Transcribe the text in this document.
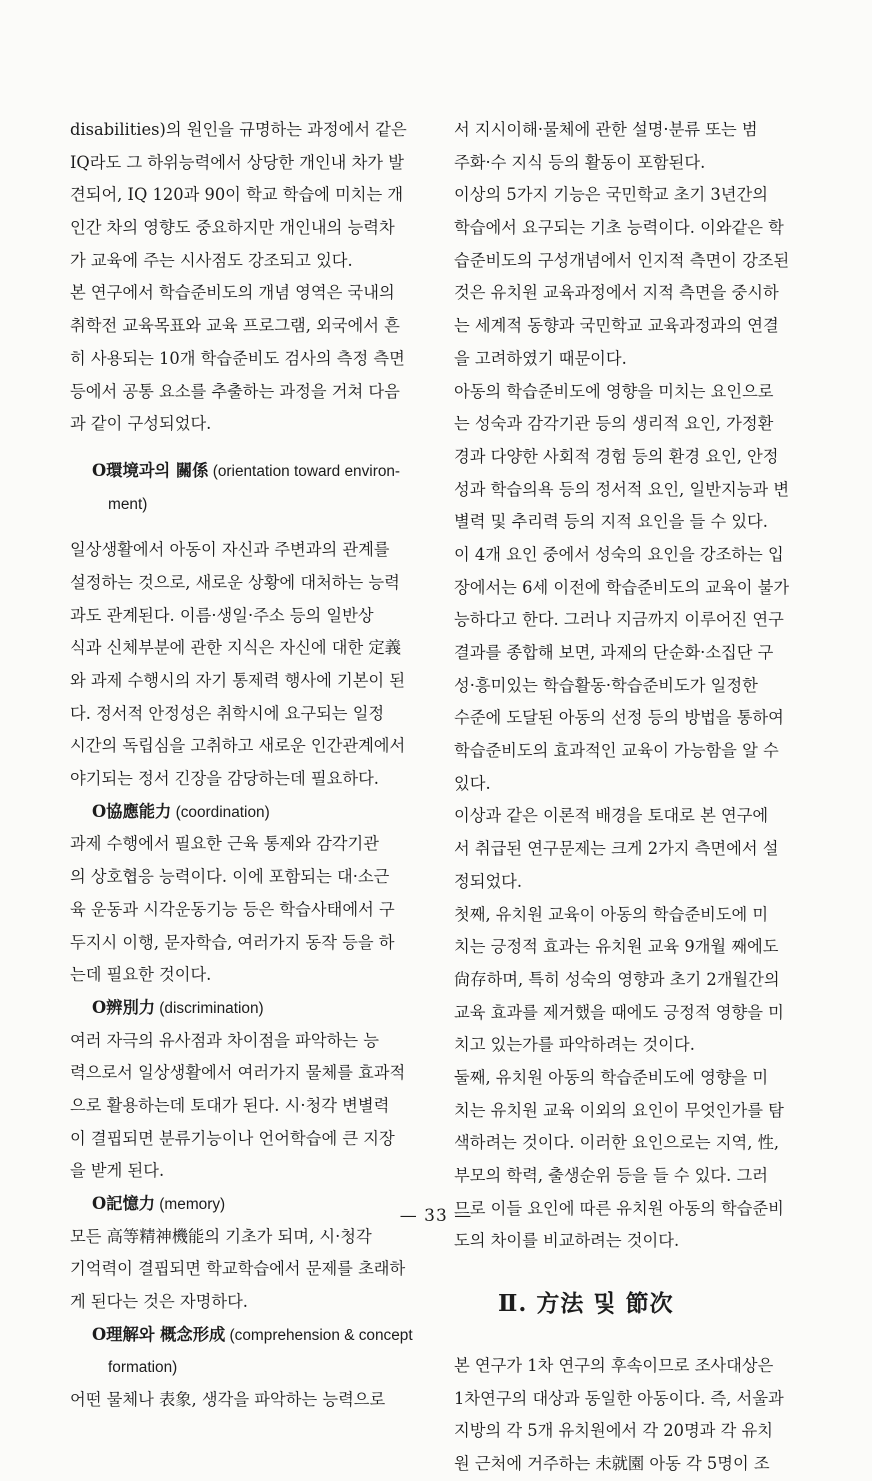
disabilities)의 원인을 규명하는 과정에서 같은
IQ라도 그 하위능력에서 상당한 개인내 차가 발
견되어, IQ 120과 90이 학교 학습에 미치는 개
인간 차의 영향도 중요하지만 개인내의 능력차
가 교육에 주는 시사점도 강조되고 있다.
본 연구에서 학습준비도의 개념 영역은 국내의
취학전 교육목표와 교육 프로그램, 외국에서 흔
히 사용되는 10개 학습준비도 검사의 측정 측면
등에서 공통 요소를 추출하는 과정을 거쳐 다음
과 같이 구성되었다.
O環境과의 關係 (orientation toward environ-
ment)
일상생활에서 아동이 자신과 주변과의 관계를
설정하는 것으로, 새로운 상황에 대처하는 능력
과도 관계된다. 이름·생일·주소 등의 일반상
식과 신체부분에 관한 지식은 자신에 대한 定義
와 과제 수행시의 자기 통제력 행사에 기본이 된
다. 정서적 안정성은 취학시에 요구되는 일정
시간의 독립심을 고취하고 새로운 인간관계에서
야기되는 정서 긴장을 감당하는데 필요하다.
O協應能力 (coordination)
과제 수행에서 필요한 근육 통제와 감각기관
의 상호협응 능력이다. 이에 포함되는 대·소근
육 운동과 시각운동기능 등은 학습사태에서 구
두지시 이행, 문자학습, 여러가지 동작 등을 하
는데 필요한 것이다.
O辨別力 (discrimination)
여러 자극의 유사점과 차이점을 파악하는 능
력으로서 일상생활에서 여러가지 물체를 효과적
으로 활용하는데 토대가 된다. 시·청각 변별력
이 결핍되면 분류기능이나 언어학습에 큰 지장
을 받게 된다.
O記憶力 (memory)
모든 高等精神機能의 기초가 되며, 시·청각
기억력이 결핍되면 학교학습에서 문제를 초래하
게 된다는 것은 자명하다.
O理解와 概念形成 (comprehension & concept
formation)
어떤 물체나 表象, 생각을 파악하는 능력으로
서 지시이해·물체에 관한 설명·분류 또는 범
주화·수 지식 등의 활동이 포함된다.
이상의 5가지 기능은 국민학교 초기 3년간의
학습에서 요구되는 기초 능력이다. 이와같은 학
습준비도의 구성개념에서 인지적 측면이 강조된
것은 유치원 교육과정에서 지적 측면을 중시하
는 세계적 동향과 국민학교 교육과정과의 연결
을 고려하였기 때문이다.
아동의 학습준비도에 영향을 미치는 요인으로
는 성숙과 감각기관 등의 생리적 요인, 가정환
경과 다양한 사회적 경험 등의 환경 요인, 안정
성과 학습의욕 등의 정서적 요인, 일반지능과 변
별력 및 추리력 등의 지적 요인을 들 수 있다.
이 4개 요인 중에서 성숙의 요인을 강조하는 입
장에서는 6세 이전에 학습준비도의 교육이 불가
능하다고 한다. 그러나 지금까지 이루어진 연구
결과를 종합해 보면, 과제의 단순화·소집단 구
성·흥미있는 학습활동·학습준비도가 일정한
수준에 도달된 아동의 선정 등의 방법을 통하여
학습준비도의 효과적인 교육이 가능함을 알 수
있다.
이상과 같은 이론적 배경을 토대로 본 연구에
서 취급된 연구문제는 크게 2가지 측면에서 설
정되었다.
첫째, 유치원 교육이 아동의 학습준비도에 미
치는 긍정적 효과는 유치원 교육 9개월 째에도
尙存하며, 특히 성숙의 영향과 초기 2개월간의
교육 효과를 제거했을 때에도 긍정적 영향을 미
치고 있는가를 파악하려는 것이다.
둘째, 유치원 아동의 학습준비도에 영향을 미
치는 유치원 교육 이외의 요인이 무엇인가를 탐
색하려는 것이다. 이러한 요인으로는 지역, 性,
부모의 학력, 출생순위 등을 들 수 있다. 그러
므로 이들 요인에 따른 유치원 아동의 학습준비
도의 차이를 비교하려는 것이다.
Ⅱ. 方法 및 節次
본 연구가 1차 연구의 후속이므로 조사대상은
1차연구의 대상과 동일한 아동이다. 즉, 서울과
지방의 각 5개 유치원에서 각 20명과 각 유치
원 근처에 거주하는 未就園 아동 각 5명이 조
— 33 —
